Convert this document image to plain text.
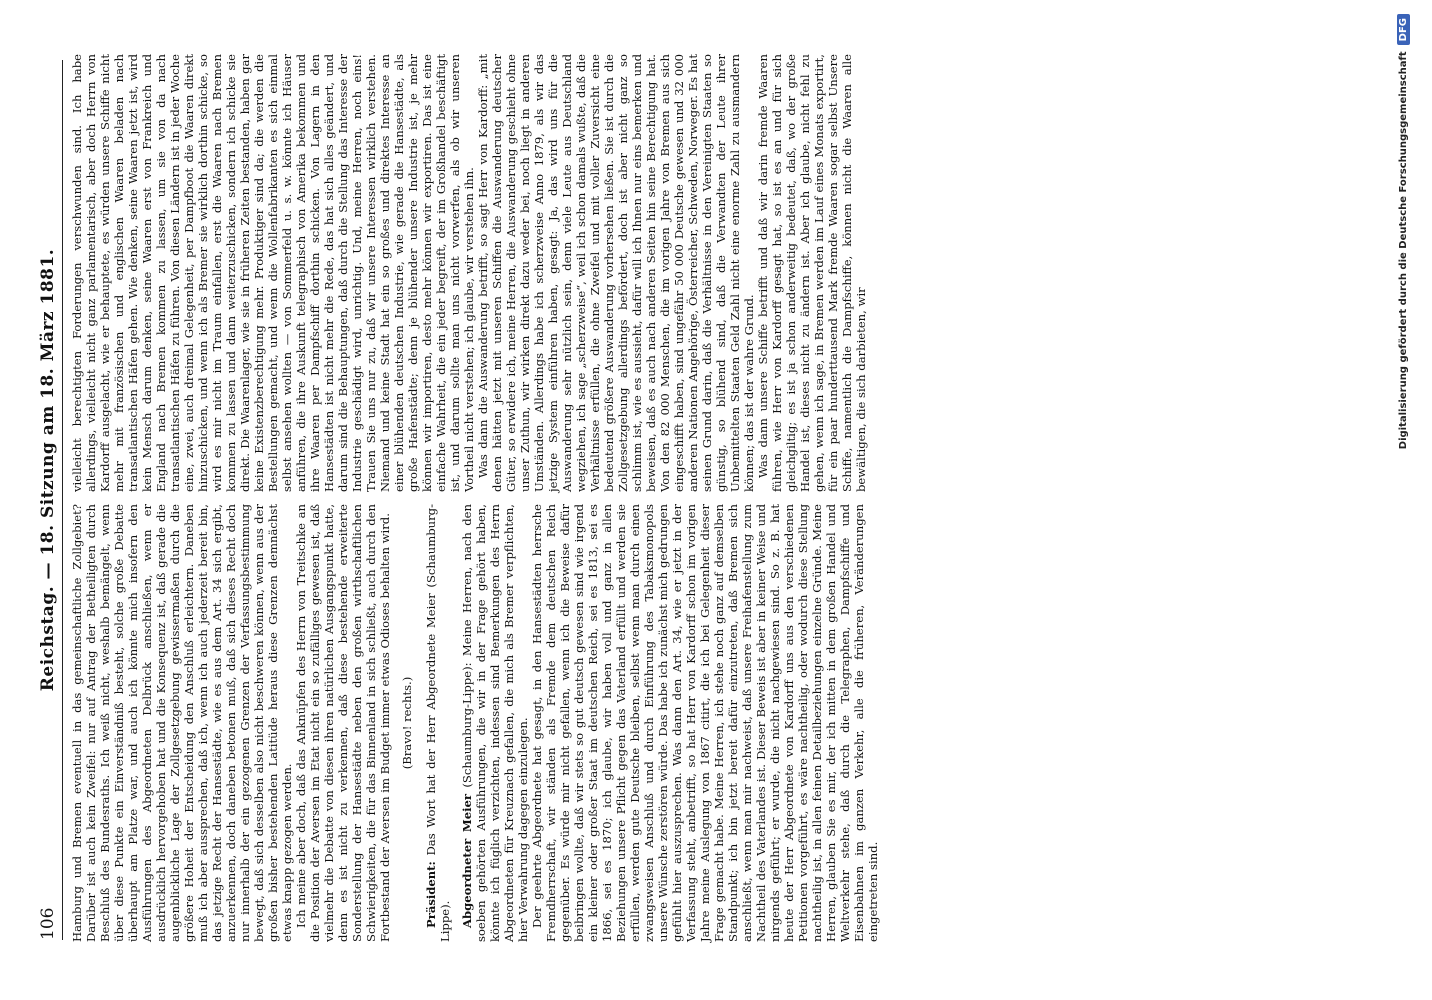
106
Reichstag. — 18. Sitzung am 18. März 1881.

Hamburg und Bremen eventuell in das gemeinschaftliche Zollgebiet? Darüber ist auch kein Zweifel: nur auf Antrag der Betheiligten durch Beschluß des Bundesraths. Ich weiß nicht, weshalb bemängelt, wenn über diese Punkte ein Einverständniß besteht, solche große Debatte überhaupt am Platze war, und auch ich könnte mich insofern den Ausführungen des Abgeordneten Delbrück anschließen, wenn er ausdrücklich hervorgehoben hat und die Konsequenz ist, daß gerade die augenblickliche Lage der Zollgesetzgebung gewissermaßen durch die größere Hoheit der Entscheidung den Anschluß erleichtern. Daneben muß ich aber aussprechen, daß ich, wenn ich auch jederzeit bereit bin, das jetzige Recht der Hansestädte, wie es aus dem Art. 34 sich ergibt, anzuerkennen, doch daneben betonen muß, daß sich dieses Recht doch nur innerhalb der ein gezogenen Grenzen der Verfassungsbestimmung bewegt, daß sich desselben also nicht beschweren können, wenn aus der großen bisher bestehenden Latitüde heraus diese Grenzen demnächst etwas knapp gezogen werden. Ich meine aber doch, daß das Anknüpfen des Herrn von Treitschke an die Position der Aversen im Etat nicht ein so zufälliges gewesen ist, daß vielmehr die Debatte von diesen ihren natürlichen Ausgangspunkt hatte, denn es ist nicht zu verkennen, daß diese bestehende erweiterte Sonderstellung der Hansestädte neben den großen wirthschaftlichen Schwierigkeiten, die für das Binnenland in sich schließt, auch durch den Fortbestand der Aversen im Budget immer etwas Odioses behalten wird. (Bravo! rechts.)

Präsident: Das Wort hat der Herr Abgeordnete Meier (Schaumburg-Lippe). Abgeordneter Meier (Schaumburg-Lippe): Meine Herren, nach den soeben gehörten Ausführungen, die wir in der Frage gehört haben, könnte ich füglich verzichten, indessen sind Bemerkungen des Herrn Abgeordneten für Kreuznach gefallen, die mich als Bremer verpflichten, hier Verwahrung dagegen einzulegen. Der geehrte Abgeordnete hat gesagt, in den Hansestädten herrsche Fremdherrschaft, wir ständen als Fremde dem deutschen Reich gegenüber. Es würde mir nicht gefallen, wenn ich die Beweise dafür beibringen wollte, daß wir stets so gut deutsch gewesen sind wie irgend ein kleiner oder großer Staat im deutschen Reich, sei es 1813, sei es 1866, sei es 1870; ich glaube, wir haben voll und ganz in allen Beziehungen unsere Pflicht gegen das Vaterland erfüllt und werden sie erfüllen, werden gute Deutsche bleiben, selbst wenn man durch einen zwangsweisen Anschluß und durch Einführung des Tabaksmonopols unsere Wünsche zerstören würde. Das habe ich zunächst mich gedrungen gefühlt hier auszusprechen. Was dann den Art. 34, wie er jetzt in der Verfassung steht, anbetrifft, so hat Herr von Kardorff schon im vorigen Jahre meine Auslegung von 1867 citirt, die ich bei Gelegenheit dieser Frage gemacht habe. Meine Herren, ich stehe noch ganz auf demselben Standpunkt; ich bin jetzt bereit dafür einzutreten, daß Bremen sich anschließt, wenn man mir nachweist, daß unsere Freihafenstellung zum Nachtheil des Vaterlandes ist. Dieser Beweis ist aber in keiner Weise und nirgends geführt; er wurde, die nicht nachgewiesen sind. So z. B. hat heute der Herr Abgeordnete von Kardorff uns aus den verschiedenen Petitionen vorgeführt, es wäre nachtheilig, oder wodurch diese Stellung nachtheilig ist, in allen feinen Detailbeziehungen einzelne Gründe. Meine Herren, glauben Sie es mir, der ich mitten in dem großen Handel und Weltverkehr stehe, daß durch die Telegraphen, Dampfschiffe und Eisenbahnen im ganzen Verkehr, alle die früheren, Veränderungen eingetreten sind.

vielleicht berechtigten Forderungen verschwunden sind. Ich habe allerdings, vielleicht nicht ganz parlamentarisch, aber doch Herrn von Kardorff ausgelacht, wie er behauptete, es würden unsere Schiffe nicht mehr mit französischen und englischen Waaren beladen nach transatlantischen Häfen gehen. Wie denken, seine Waaren jetzt ist, wird kein Mensch darum denken, seine Waaren erst von Frankreich und England nach Bremen kommen zu lassen, um sie von da nach transatlantischen Häfen zu führen. Von diesen Ländern ist in jeder Woche eine, zwei, auch dreimal Gelegenheit, per Dampfboot die Waaren direkt hinzuschicken, und wenn ich als Bremer sie wirklich dorthin schicke, so wird es mir nicht im Traum einfallen, erst die Waaren nach Bremen kommen zu lassen und dann weiterzuschicken, sondern ich schicke sie direkt. Die Waarenlager, wie sie in früheren Zeiten bestanden, haben gar keine Existenzberechtigung mehr. Produktiger sind da; die werden die Bestellungen gemacht, und wenn die Wollenfabrikanten es sich einmal selbst ansehen wollten — von Sommerfeld u. s. w. könnte ich Häuser anführen, die ihre Auskunft telegraphisch von Amerika bekommen und ihre Waaren per Dampfschiff dorthin schicken. Von Lagern in den Hansestädten ist nicht mehr die Rede, das hat sich alles geändert, und darum sind die Behauptungen, daß durch die Stellung das Interesse der Industrie geschädigt wird, unrichtig. Und, meine Herren, noch eins! Trauen Sie uns nur zu, daß wir unsere Interessen wirklich verstehen. Niemand und keine Stadt hat ein so großes und direktes Interesse an einer blühenden deutschen Industrie, wie gerade die Hansestädte, als große Hafenstädte; denn je blühender unsere Industrie ist, je mehr können wir importiren, desto mehr können wir exportiren. Das ist eine einfache Wahrheit, die ein jeder begreift, der im Großhandel beschäftigt ist, und darum sollte man uns nicht vorwerfen, als ob wir unseren Vortheil nicht verstehen; ich glaube, wir verstehen ihn. Was dann die Auswanderung betrifft, so sagt Herr von Kardorff: „mit denen hätten jetzt mit unseren Schiffen die Auswanderung deutscher Güter, so erwidere ich, meine Herren, die Auswanderung geschieht ohne unser Zuthun, wir wirken direkt dazu weder bei, noch liegt in anderen Umständen. Allerdings habe ich scherzweise Anno 1879, als wir das jetzige System einführen haben, gesagt: Ja, das wird uns für die Auswanderung sehr nützlich sein, denn viele Leute aus Deutschland wegziehen, ich sage „scherzweise“, weil ich schon damals wußte, daß die Verhältnisse erfüllen, die ohne Zweifel und mit voller Zuversicht eine bedeutend größere Auswanderung vorhersehen ließen. Sie ist durch die Zollgesetzgebung allerdings befördert, doch ist aber nicht ganz so schlimm ist, wie es aussieht, dafür will ich Ihnen nur eins bemerken und beweisen, daß es auch nach anderen Seiten hin seine Berechtigung hat. Von den 82 000 Menschen, die im vorigen Jahre von Bremen aus sich eingeschifft haben, sind ungefähr 50 000 Deutsche gewesen und 32 000 anderen Nationen Angehörige, Österreicher, Schweden, Norweger. Es hat seinen Grund darin, daß die Verhältnisse in den Vereinigten Staaten so günstig, so blühend sind, daß die Verwandten der Leute ihrer Unbemittelten Staaten Geld Zahl nicht eine enorme Zahl zu ausmandern können; das ist der wahre Grund. Was dann unsere Schiffe betrifft und daß wir darin fremde Waaren führen, wie Herr von Kardorff gesagt hat, so ist es an und für sich gleichgiltig; es ist ja schon anderweitig bedeutet, daß, wo der große Handel ist, dieses nicht zu ändern ist. Aber ich glaube, nicht fehl zu gehen, wenn ich sage, in Bremen werden im Lauf eines Monats exportirt, für ein paar hunderttausend Mark fremde Waaren sogar selbst Unsere Schiffe, namentlich die Dampfschiffe, können nicht die Waaren alle bewältigen, die sich darbieten, wir	Digitalisierung gefördert durch die Deutsche Forschungsgemeinschaft
DFG
